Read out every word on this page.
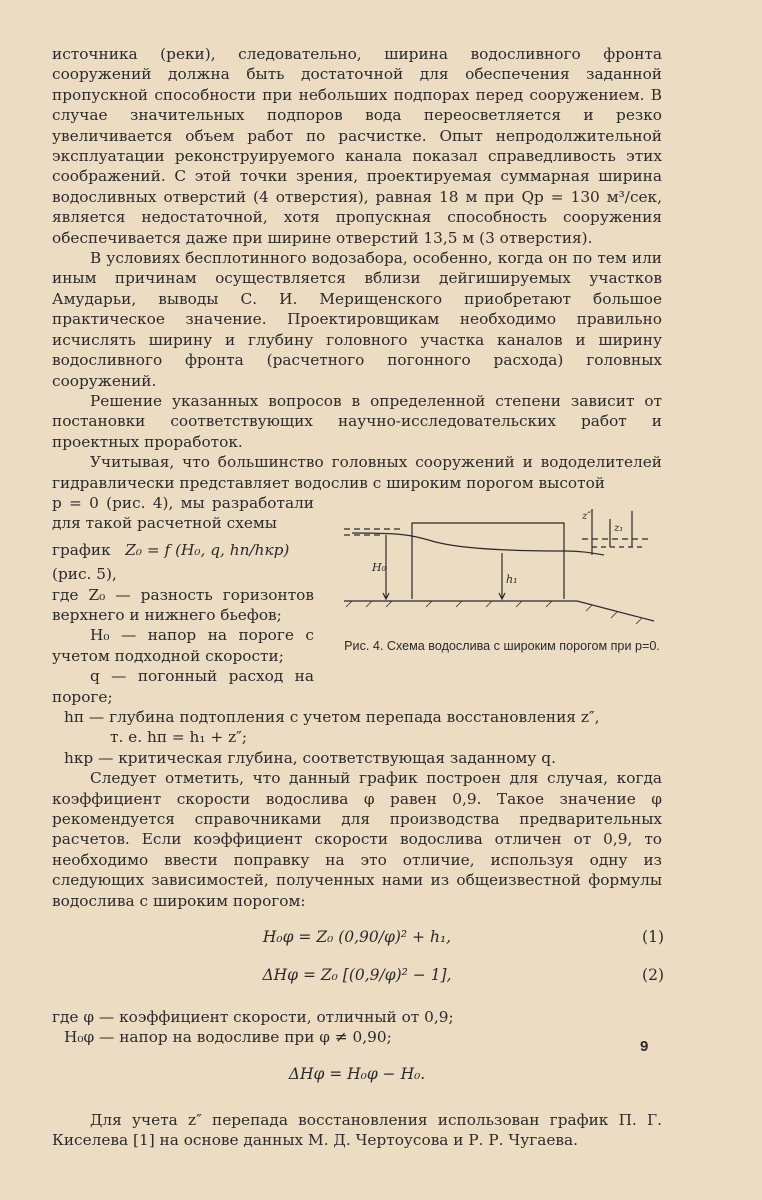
источника (реки), следовательно, ширина водосливного фронта сооружений должна быть достаточной для обеспечения заданной пропускной способности при небольших подпорах перед сооружением. В случае значительных подпоров вода переосветляется и резко увеличивается объем работ по расчистке. Опыт непродолжительной эксплуатации реконструируемого канала показал справедливость этих соображений. С этой точки зрения, проектируемая суммарная ширина водосливных отверстий (4 отверстия), равная 18 м при Qр = 130 м³/сек, является недостаточной, хотя пропускная способность сооружения обеспечивается даже при ширине отверстий 13,5 м (3 отверстия).

В условиях бесплотинного водозабора, особенно, когда он по тем или иным причинам осуществляется вблизи дейгишируемых участков Амударьи, выводы С. И. Мерищенского приобретают большое практическое значение. Проектировщикам необходимо правильно исчислять ширину и глубину головного участка каналов и ширину водосливного фронта (расчетного погонного расхода) головных сооружений.

Решение указанных вопросов в определенной степени зависит от постановки соответствующих научно-исследовательских работ и проектных проработок.

Учитывая, что большинство головных сооружений и вододелителей гидравлически представляет водослив с широким порогом высотой

H₀
h₁
z″
z₁
Рис. 4. Схема водослива с широким порогом при p=0.

p = 0 (рис. 4), мы разработали для такой расчетной схемы

график Z₀ = f (H₀, q, hп/hкр)

(рис. 5),

где Z₀ — разность горизонтов верхнего и нижнего бьефов;

H₀ — напор на пороге с учетом подходной скорости;

q — погонный расход на пороге;

hп — глубина подтопления с учетом перепада восстановления z″,

т. е. hп = h₁ + z″;

hкр — критическая глубина, соответствующая заданному q.

Следует отметить, что данный график построен для случая, когда коэффициент скорости водослива φ равен 0,9. Такое значение φ рекомендуется справочниками для производства предварительных расчетов. Если коэффициент скорости водослива отличен от 0,9, то необходимо ввести поправку на это отличие, используя одну из следующих зависимостей, полученных нами из общеизвестной формулы водослива с широким порогом:

H₀φ = Z₀ (0,90/φ)² + h₁,	(1)
ΔHφ = Z₀ [(0,9/φ)² − 1],	(2)

где φ — коэффициент скорости, отличный от 0,9;

H₀φ — напор на водосливе при φ ≠ 0,90;

ΔHφ = H₀φ − H₀.

Для учета z″ перепада восстановления использован график П. Г. Киселева [1] на основе данных М. Д. Чертоусова и Р. Р. Чугаева.

9
